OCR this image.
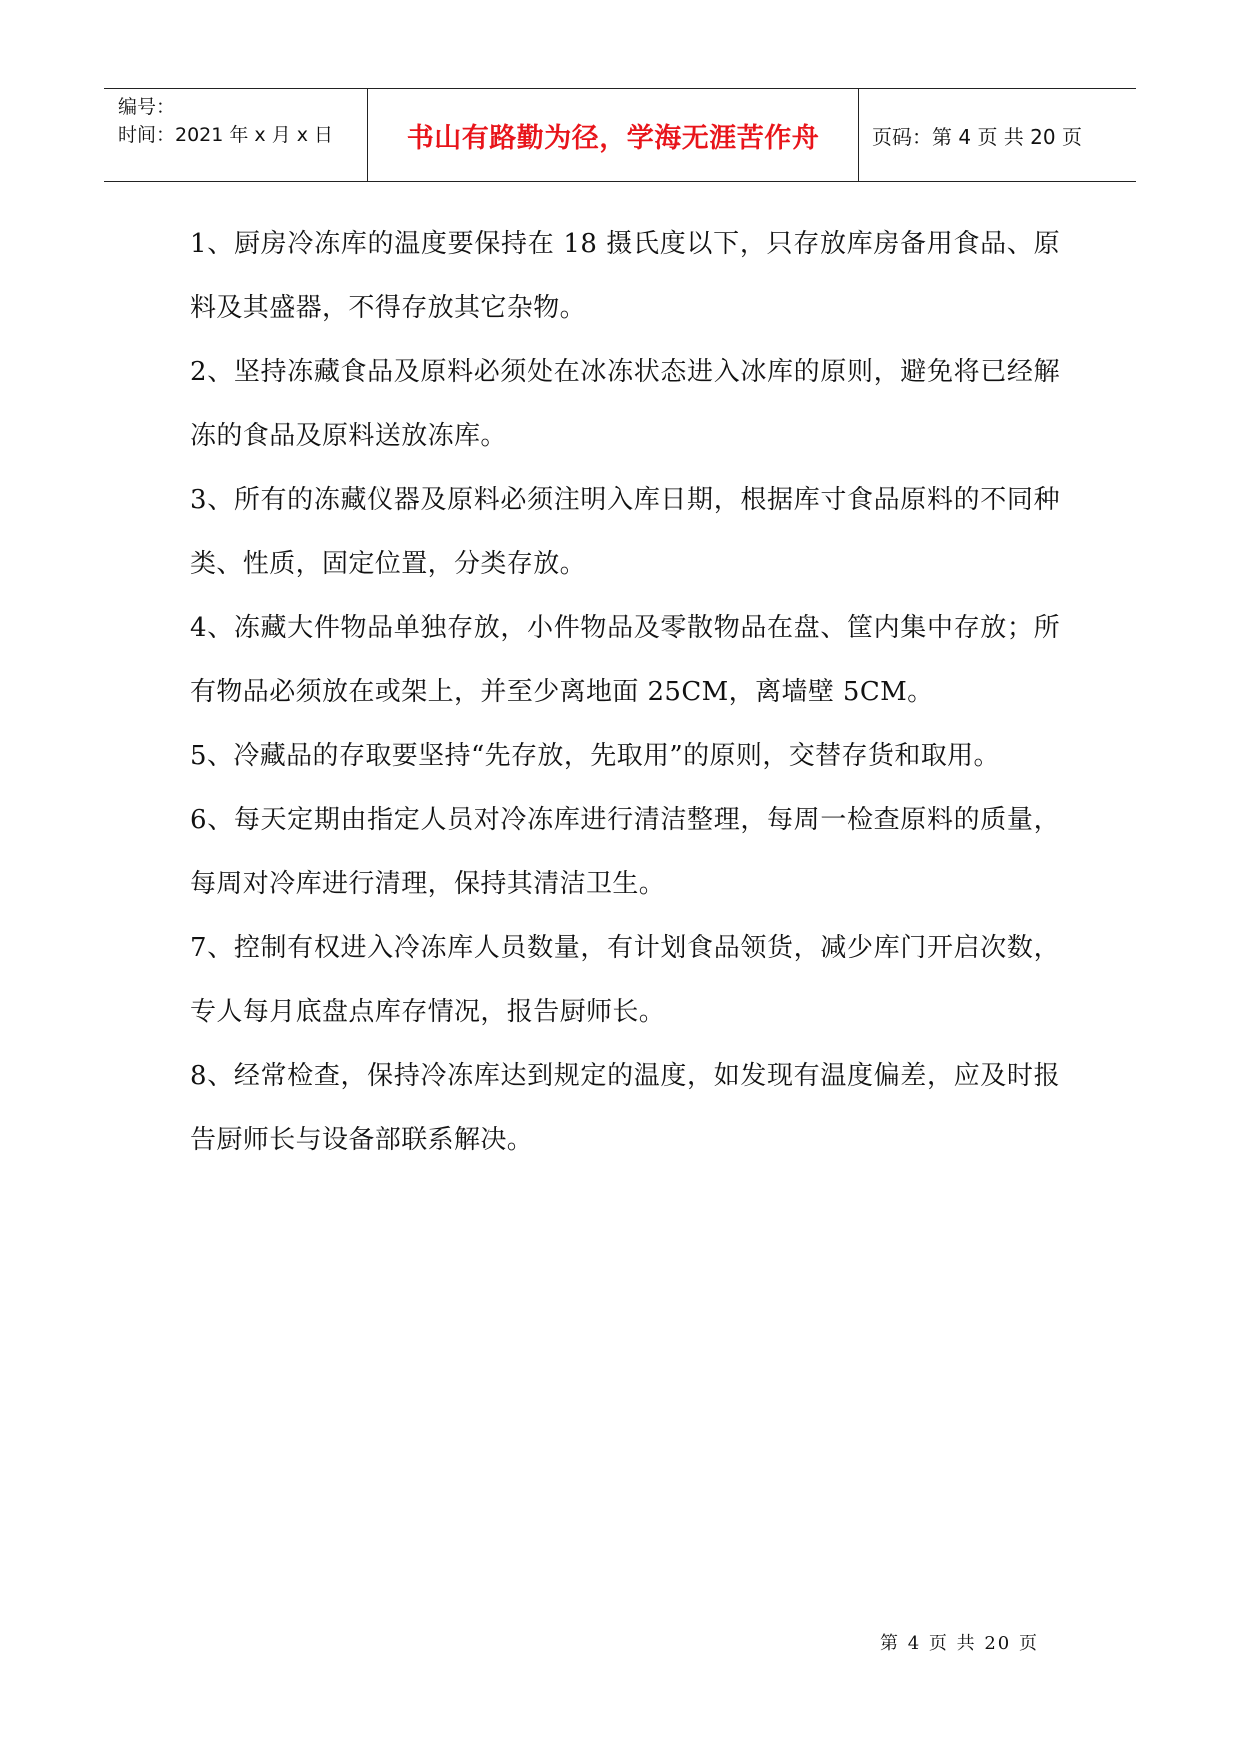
编号：
时间：2021 年 x 月 x 日	书山有路勤为径，学海无涯苦作舟	页码：第 4 页 共 20 页

1、厨房冷冻库的温度要保持在 18 摄氏度以下，只存放库房备用食品、原料及其盛器，不得存放其它杂物。

2、坚持冻藏食品及原料必须处在冰冻状态进入冰库的原则，避免将已经解冻的食品及原料送放冻库。

3、所有的冻藏仪器及原料必须注明入库日期，根据库寸食品原料的不同种类、性质，固定位置，分类存放。

4、冻藏大件物品单独存放，小件物品及零散物品在盘、筐内集中存放；所有物品必须放在或架上，并至少离地面 25CM，离墙壁 5CM。

5、冷藏品的存取要坚持“先存放，先取用”的原则，交替存货和取用。

6、每天定期由指定人员对冷冻库进行清洁整理，每周一检查原料的质量，每周对冷库进行清理，保持其清洁卫生。

7、控制有权进入冷冻库人员数量，有计划食品领货，减少库门开启次数，专人每月底盘点库存情况，报告厨师长。

8、经常检查，保持冷冻库达到规定的温度，如发现有温度偏差，应及时报告厨师长与设备部联系解决。

第 4 页 共 20 页
